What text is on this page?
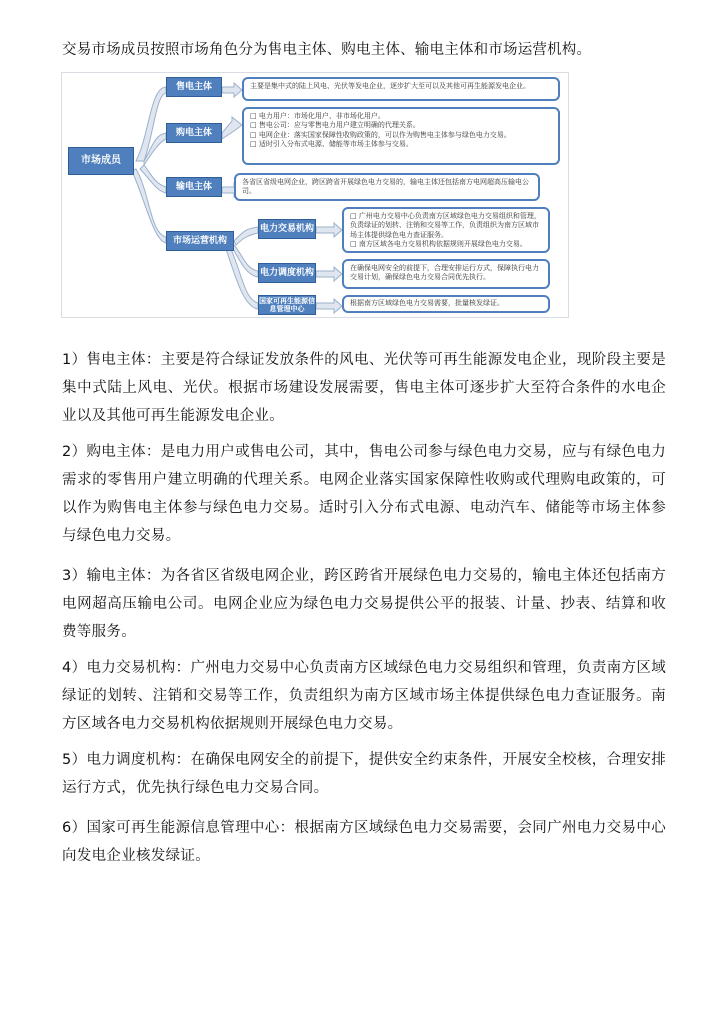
交易市场成员按照市场角色分为售电主体、购电主体、输电主体和市场运营机构。
市场成员
售电主体	主要是集中式的陆上风电、光伏等发电企业，逐步扩大至可以及其他可再生能源发电企业。
购电主体
□ 电力用户：市场化用户、非市场化用户。
□ 售电公司：应与零售电力用户建立明确的代理关系。
□ 电网企业：落实国家保障性收购政策的，可以作为购售电主体参与绿色电力交易。
□ 适时引入分布式电源、储能等市场主体参与交易。
输电主体	各省区省级电网企业，跨区跨省开展绿色电力交易的，输电主体还包括南方电网超高压输电公司。
市场运营机构
电力交易机构
□ 广州电力交易中心负责南方区域绿色电力交易组织和管理，负责绿证的划转、注销和交易等工作，负责组织为南方区域市场主体提供绿色电力查证服务。
□ 南方区域各电力交易机构依据规则开展绿色电力交易。
电力调度机构	在确保电网安全的前提下，合理安排运行方式，保障执行电力交易计划，确保绿色电力交易合同优先执行。
国家可再生能源信息管理中心
根据南方区域绿色电力交易需要，批量核发绿证。

1）售电主体：主要是符合绿证发放条件的风电、光伏等可再生能源发电企业，现阶段主要是集中式陆上风电、光伏。根据市场建设发展需要，售电主体可逐步扩大至符合条件的水电企业以及其他可再生能源发电企业。

2）购电主体：是电力用户或售电公司，其中，售电公司参与绿色电力交易，应与有绿色电力需求的零售用户建立明确的代理关系。电网企业落实国家保障性收购或代理购电政策的，可以作为购售电主体参与绿色电力交易。适时引入分布式电源、电动汽车、储能等市场主体参与绿色电力交易。

3）输电主体：为各省区省级电网企业，跨区跨省开展绿色电力交易的，输电主体还包括南方电网超高压输电公司。电网企业应为绿色电力交易提供公平的报装、计量、抄表、结算和收费等服务。

4）电力交易机构：广州电力交易中心负责南方区域绿色电力交易组织和管理，负责南方区域绿证的划转、注销和交易等工作，负责组织为南方区域市场主体提供绿色电力查证服务。南方区域各电力交易机构依据规则开展绿色电力交易。

5）电力调度机构：在确保电网安全的前提下，提供安全约束条件，开展安全校核，合理安排运行方式，优先执行绿色电力交易合同。

6）国家可再生能源信息管理中心：根据南方区域绿色电力交易需要，会同广州电力交易中心向发电企业核发绿证。
